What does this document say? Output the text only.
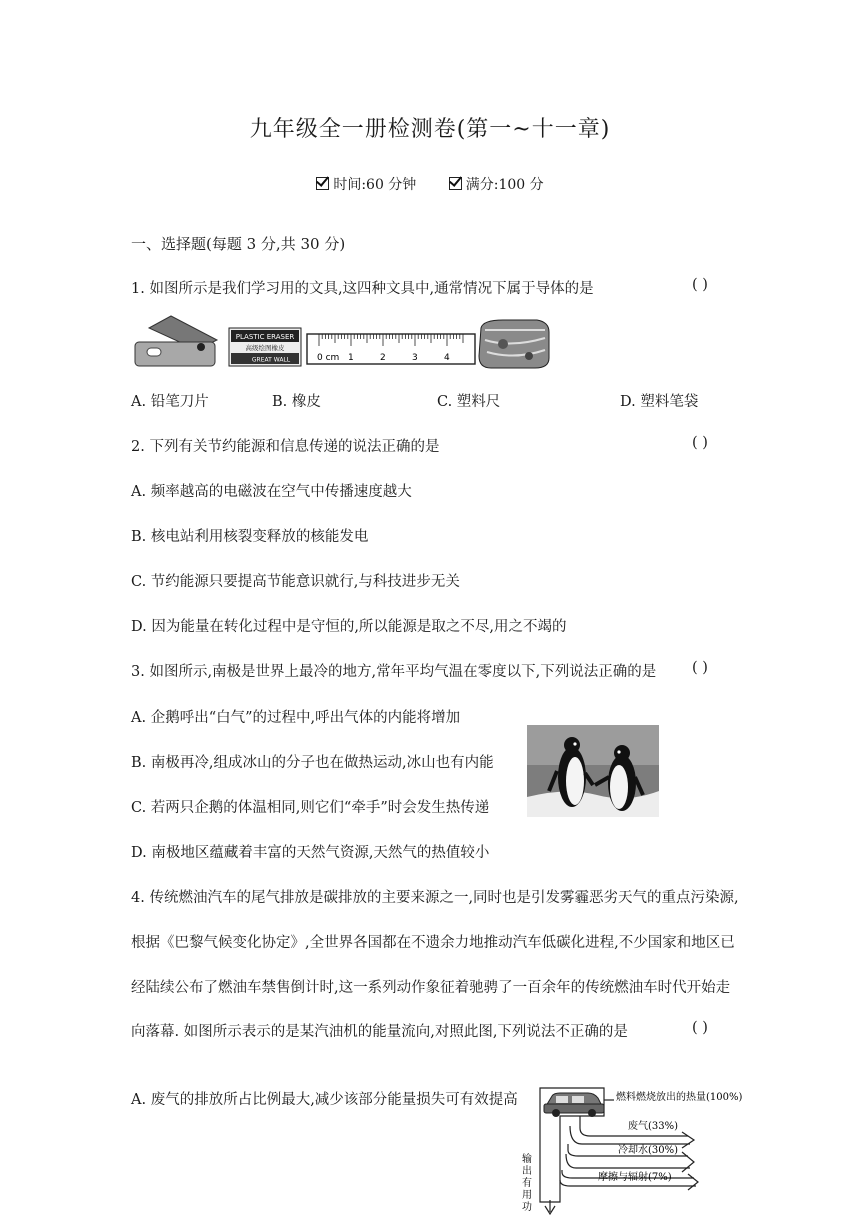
九年级全一册检测卷(第一~十一章)
时间:60 分钟	满分:100 分
一、选择题(每题 3 分,共 30 分)
1. 如图所示是我们学习用的文具,这四种文具中,通常情况下属于导体的是	( )
PLASTIC ERASER
高级绘图橡皮
GREAT WALL	0 cm 1	2	3	4
A. 铅笔刀片	B. 橡皮	C. 塑料尺	D. 塑料笔袋
2. 下列有关节约能源和信息传递的说法正确的是	( )
A. 频率越高的电磁波在空气中传播速度越大
B. 核电站利用核裂变释放的核能发电
C. 节约能源只要提高节能意识就行,与科技进步无关
D. 因为能量在转化过程中是守恒的,所以能源是取之不尽,用之不竭的
3. 如图所示,南极是世界上最冷的地方,常年平均气温在零度以下,下列说法正确的是 ( )
A. 企鹅呼出“白气”的过程中,呼出气体的内能将增加
B. 南极再冷,组成冰山的分子也在做热运动,冰山也有内能
C. 若两只企鹅的体温相同,则它们“牵手”时会发生热传递
D. 南极地区蕴藏着丰富的天然气资源,天然气的热值较小
4. 传统燃油汽车的尾气排放是碳排放的主要来源之一,同时也是引发雾霾恶劣天气的重点污染源,
根据《巴黎气候变化协定》,全世界各国都在不遗余力地推动汽车低碳化进程,不少国家和地区已
经陆续公布了燃油车禁售倒计时,这一系列动作象征着驰骋了一百余年的传统燃油车时代开始走
向落幕. 如图所示表示的是某汽油机的能量流向,对照此图,下列说法不正确的是	( )
A. 废气的排放所占比例最大,减少该部分能量损失可有效提高	燃料燃烧放出的热量(100%)
废气(33%)
冷却水(30%)
摩擦与辐射(7%)
输出有用功
